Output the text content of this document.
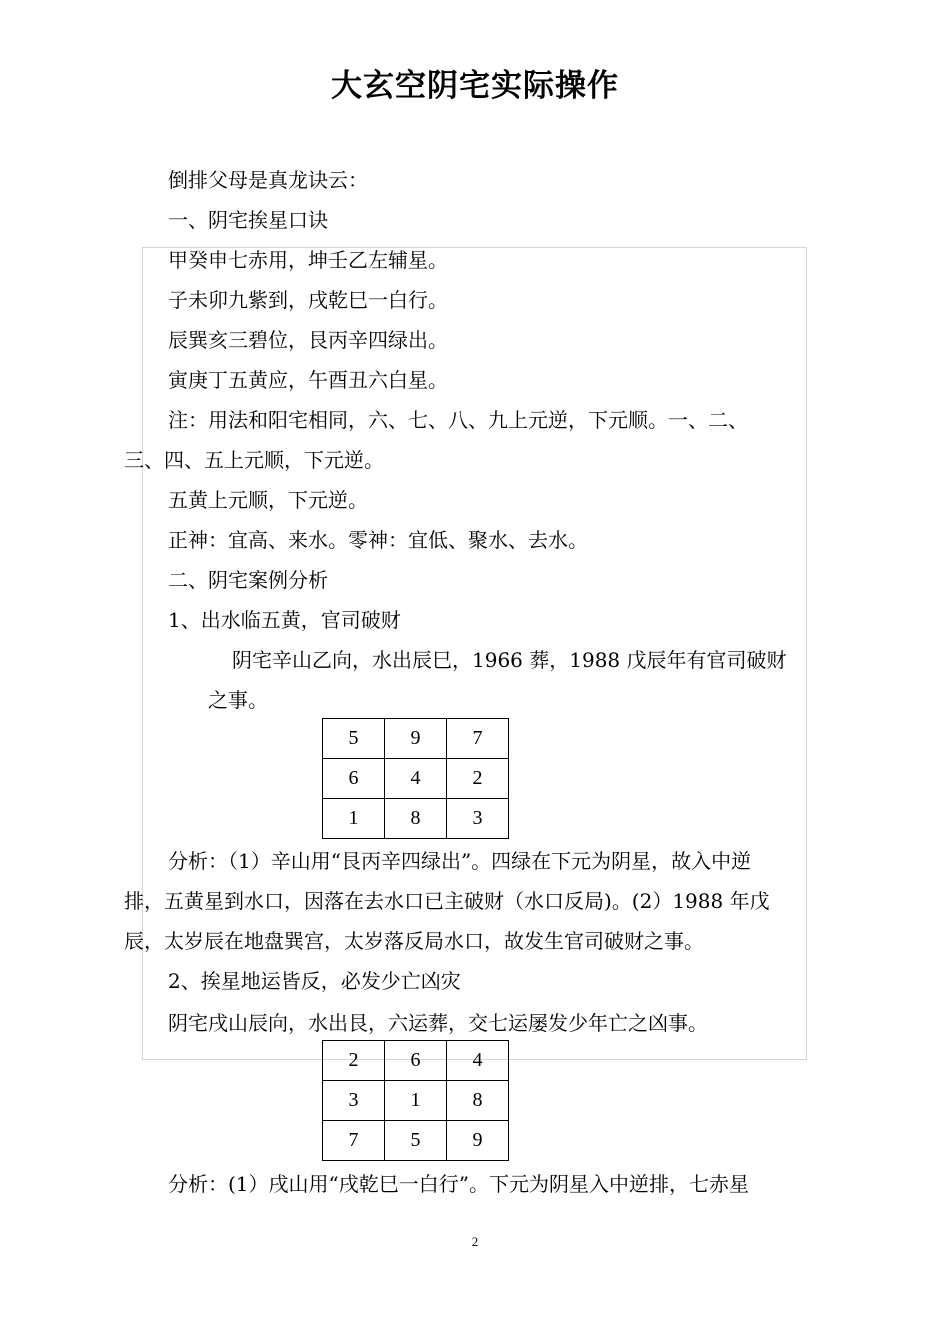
大玄空阴宅实际操作
倒排父母是真龙诀云：
一、阴宅挨星口诀
甲癸申七赤用，坤壬乙左辅星。
子未卯九紫到，戌乾巳一白行。
辰巽亥三碧位，艮丙辛四绿出。
寅庚丁五黄应，午酉丑六白星。
注：用法和阳宅相同，六、七、八、九上元逆，下元顺。一、二、
三、四、五上元顺，下元逆。
五黄上元顺，下元逆。
正神：宜高、来水。零神：宜低、聚水、去水。
二、阴宅案例分析
1、出水临五黄，官司破财
阴宅辛山乙向，水出辰巳，1966 葬，1988 戊辰年有官司破财
之事。
5	9	7
6	4	2
1	8	3
分析：（1）辛山用“艮丙辛四绿出”。四绿在下元为阴星，故入中逆
排，五黄星到水口，因落在去水口已主破财（水口反局)。(2）1988 年戊
辰，太岁辰在地盘巽宫，太岁落反局水口，故发生官司破财之事。
2、挨星地运皆反，必发少亡凶灾
阴宅戌山辰向，水出艮，六运葬，交七运屡发少年亡之凶事。
2	6	4
3	1	8
7	5	9
分析：(1）戌山用“戌乾巳一白行”。下元为阴星入中逆排，七赤星
2
